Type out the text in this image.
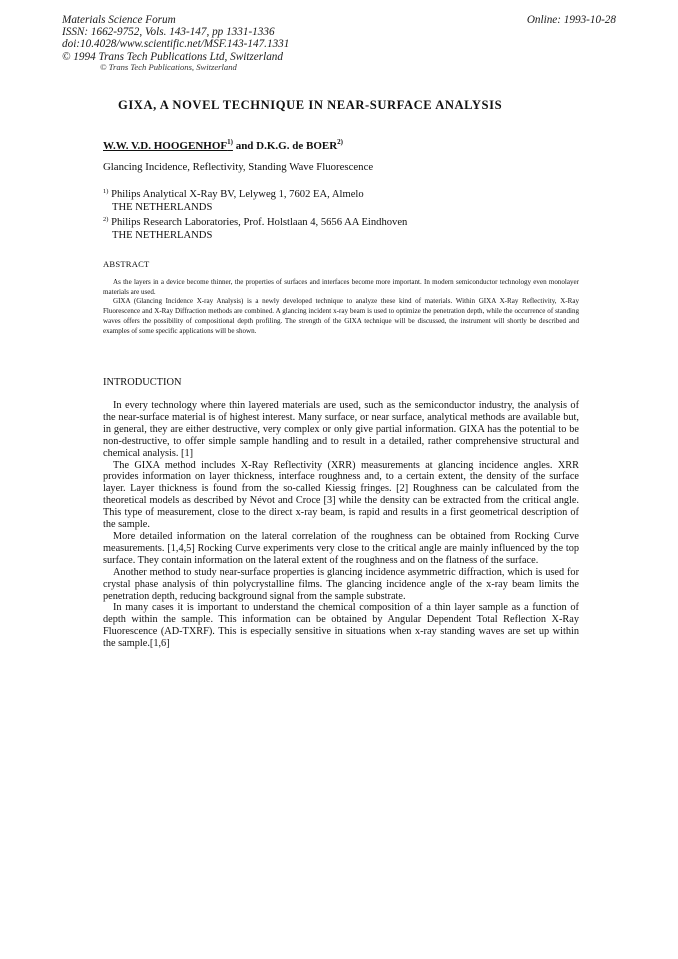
Materials Science Forum
ISSN: 1662-9752, Vols. 143-147, pp 1331-1336
doi:10.4028/www.scientific.net/MSF.143-147.1331
© 1994 Trans Tech Publications Ltd, Switzerland
© Trans Tech Publications, Switzerland
Online: 1993-10-28
GIXA, A NOVEL TECHNIQUE IN NEAR-SURFACE ANALYSIS
W.W. V.D. HOOGENHOF$^{1)}$ and D.K.G. de BOER$^{2)}$
Glancing Incidence, Reflectivity, Standing Wave Fluorescence
$^{1)}$ Philips Analytical X-Ray BV, Lelyweg 1, 7602 EA, Almelo
THE NETHERLANDS
$^{2)}$ Philips Research Laboratories, Prof. Holstlaan 4, 5656 AA Eindhoven
THE NETHERLANDS
ABSTRACT

As the layers in a device become thinner, the properties of surfaces and interfaces become more important. In modern semiconductor technology even monolayer materials are used.

GIXA (Glancing Incidence X-ray Analysis) is a newly developed technique to analyze these kind of materials. Within GIXA X-Ray Reflectivity, X-Ray Fluorescence and X-Ray Diffraction methods are combined. A glancing incident x-ray beam is used to optimize the penetration depth, while the occurrence of standing waves offers the possibility of compositional depth profiling. The strength of the GIXA technique will be discussed, the instrument will shortly be described and examples of some specific applications will be shown.

INTRODUCTION

In every technology where thin layered materials are used, such as the semiconductor industry, the analysis of the near-surface material is of highest interest. Many surface, or near surface, analytical methods are available but, in general, they are either destructive, very complex or only give partial information. GIXA has the potential to be non-destructive, to offer simple sample handling and to result in a detailed, rather comprehensive structural and chemical analysis. [1]

The GIXA method includes X-Ray Reflectivity (XRR) measurements at glancing incidence angles. XRR provides information on layer thickness, interface roughness and, to a certain extent, the density of the surface layer. Layer thickness is found from the so-called Kiessig fringes. [2] Roughness can be calculated from the theoretical models as described by Névot and Croce [3] while the density can be extracted from the critical angle. This type of measurement, close to the direct x-ray beam, is rapid and results in a first geometrical description of the sample.

More detailed information on the lateral correlation of the roughness can be obtained from Rocking Curve measurements. [1,4,5] Rocking Curve experiments very close to the critical angle are mainly influenced by the top surface. They contain information on the lateral extent of the roughness and on the flatness of the surface.

Another method to study near-surface properties is glancing incidence asymmetric diffraction, which is used for crystal phase analysis of thin polycrystalline films. The glancing incidence angle of the x-ray beam limits the penetration depth, reducing background signal from the sample substrate.

In many cases it is important to understand the chemical composition of a thin layer sample as a function of depth within the sample. This information can be obtained by Angular Dependent Total Reflection X-Ray Fluorescence (AD-TXRF). This is especially sensitive in situations when x-ray standing waves are set up within the sample.[1,6]
